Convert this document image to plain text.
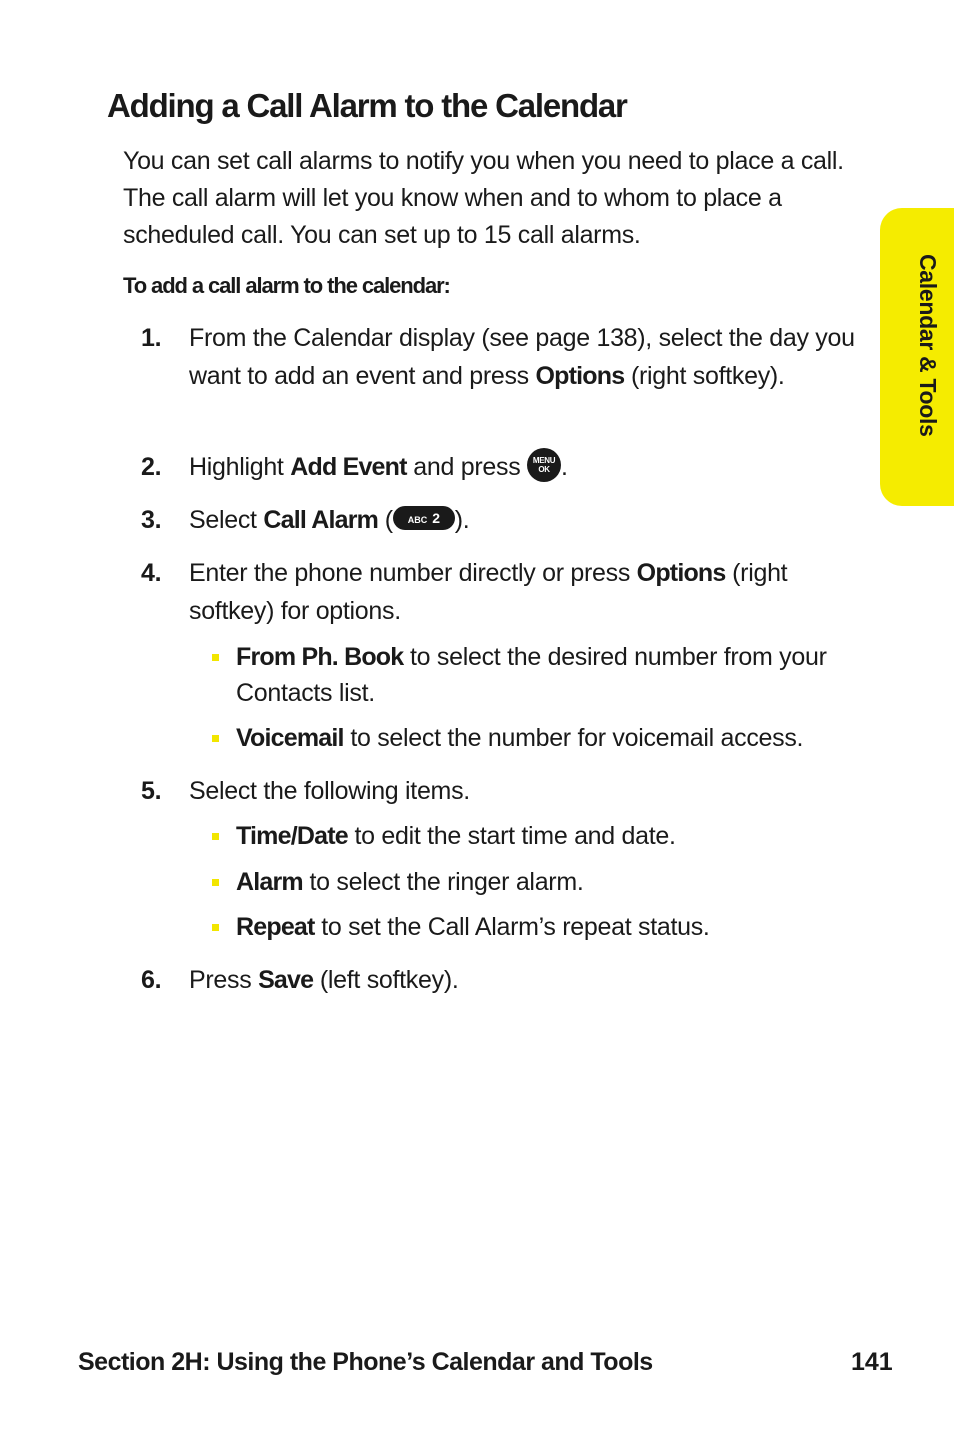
Adding a Call Alarm to the Calendar

You can set call alarms to notify you when you need to place a call. The call alarm will let you know when and to whom to place a scheduled call. You can set up to 15 call alarms.

To add a call alarm to the calendar:

1.	From the Calendar display (see page 138), select the day you want to add an event and press Options (right softkey).
2.	Highlight Add Event and press MENU
OK .
3.	Select Call Alarm ( ABC 2 ).
4.	Enter the phone number directly or press Options (right softkey) for options.
From Ph. Book to select the desired number from your Contacts list.
Voicemail to select the number for voicemail access.
5.	Select the following items.
Time/Date to edit the start time and date.
Alarm to select the ringer alarm.
Repeat to set the Call Alarm’s repeat status.
6.	Press Save (left softkey).
Calendar & Tools
Section 2H: Using the Phone’s Calendar and Tools	141
